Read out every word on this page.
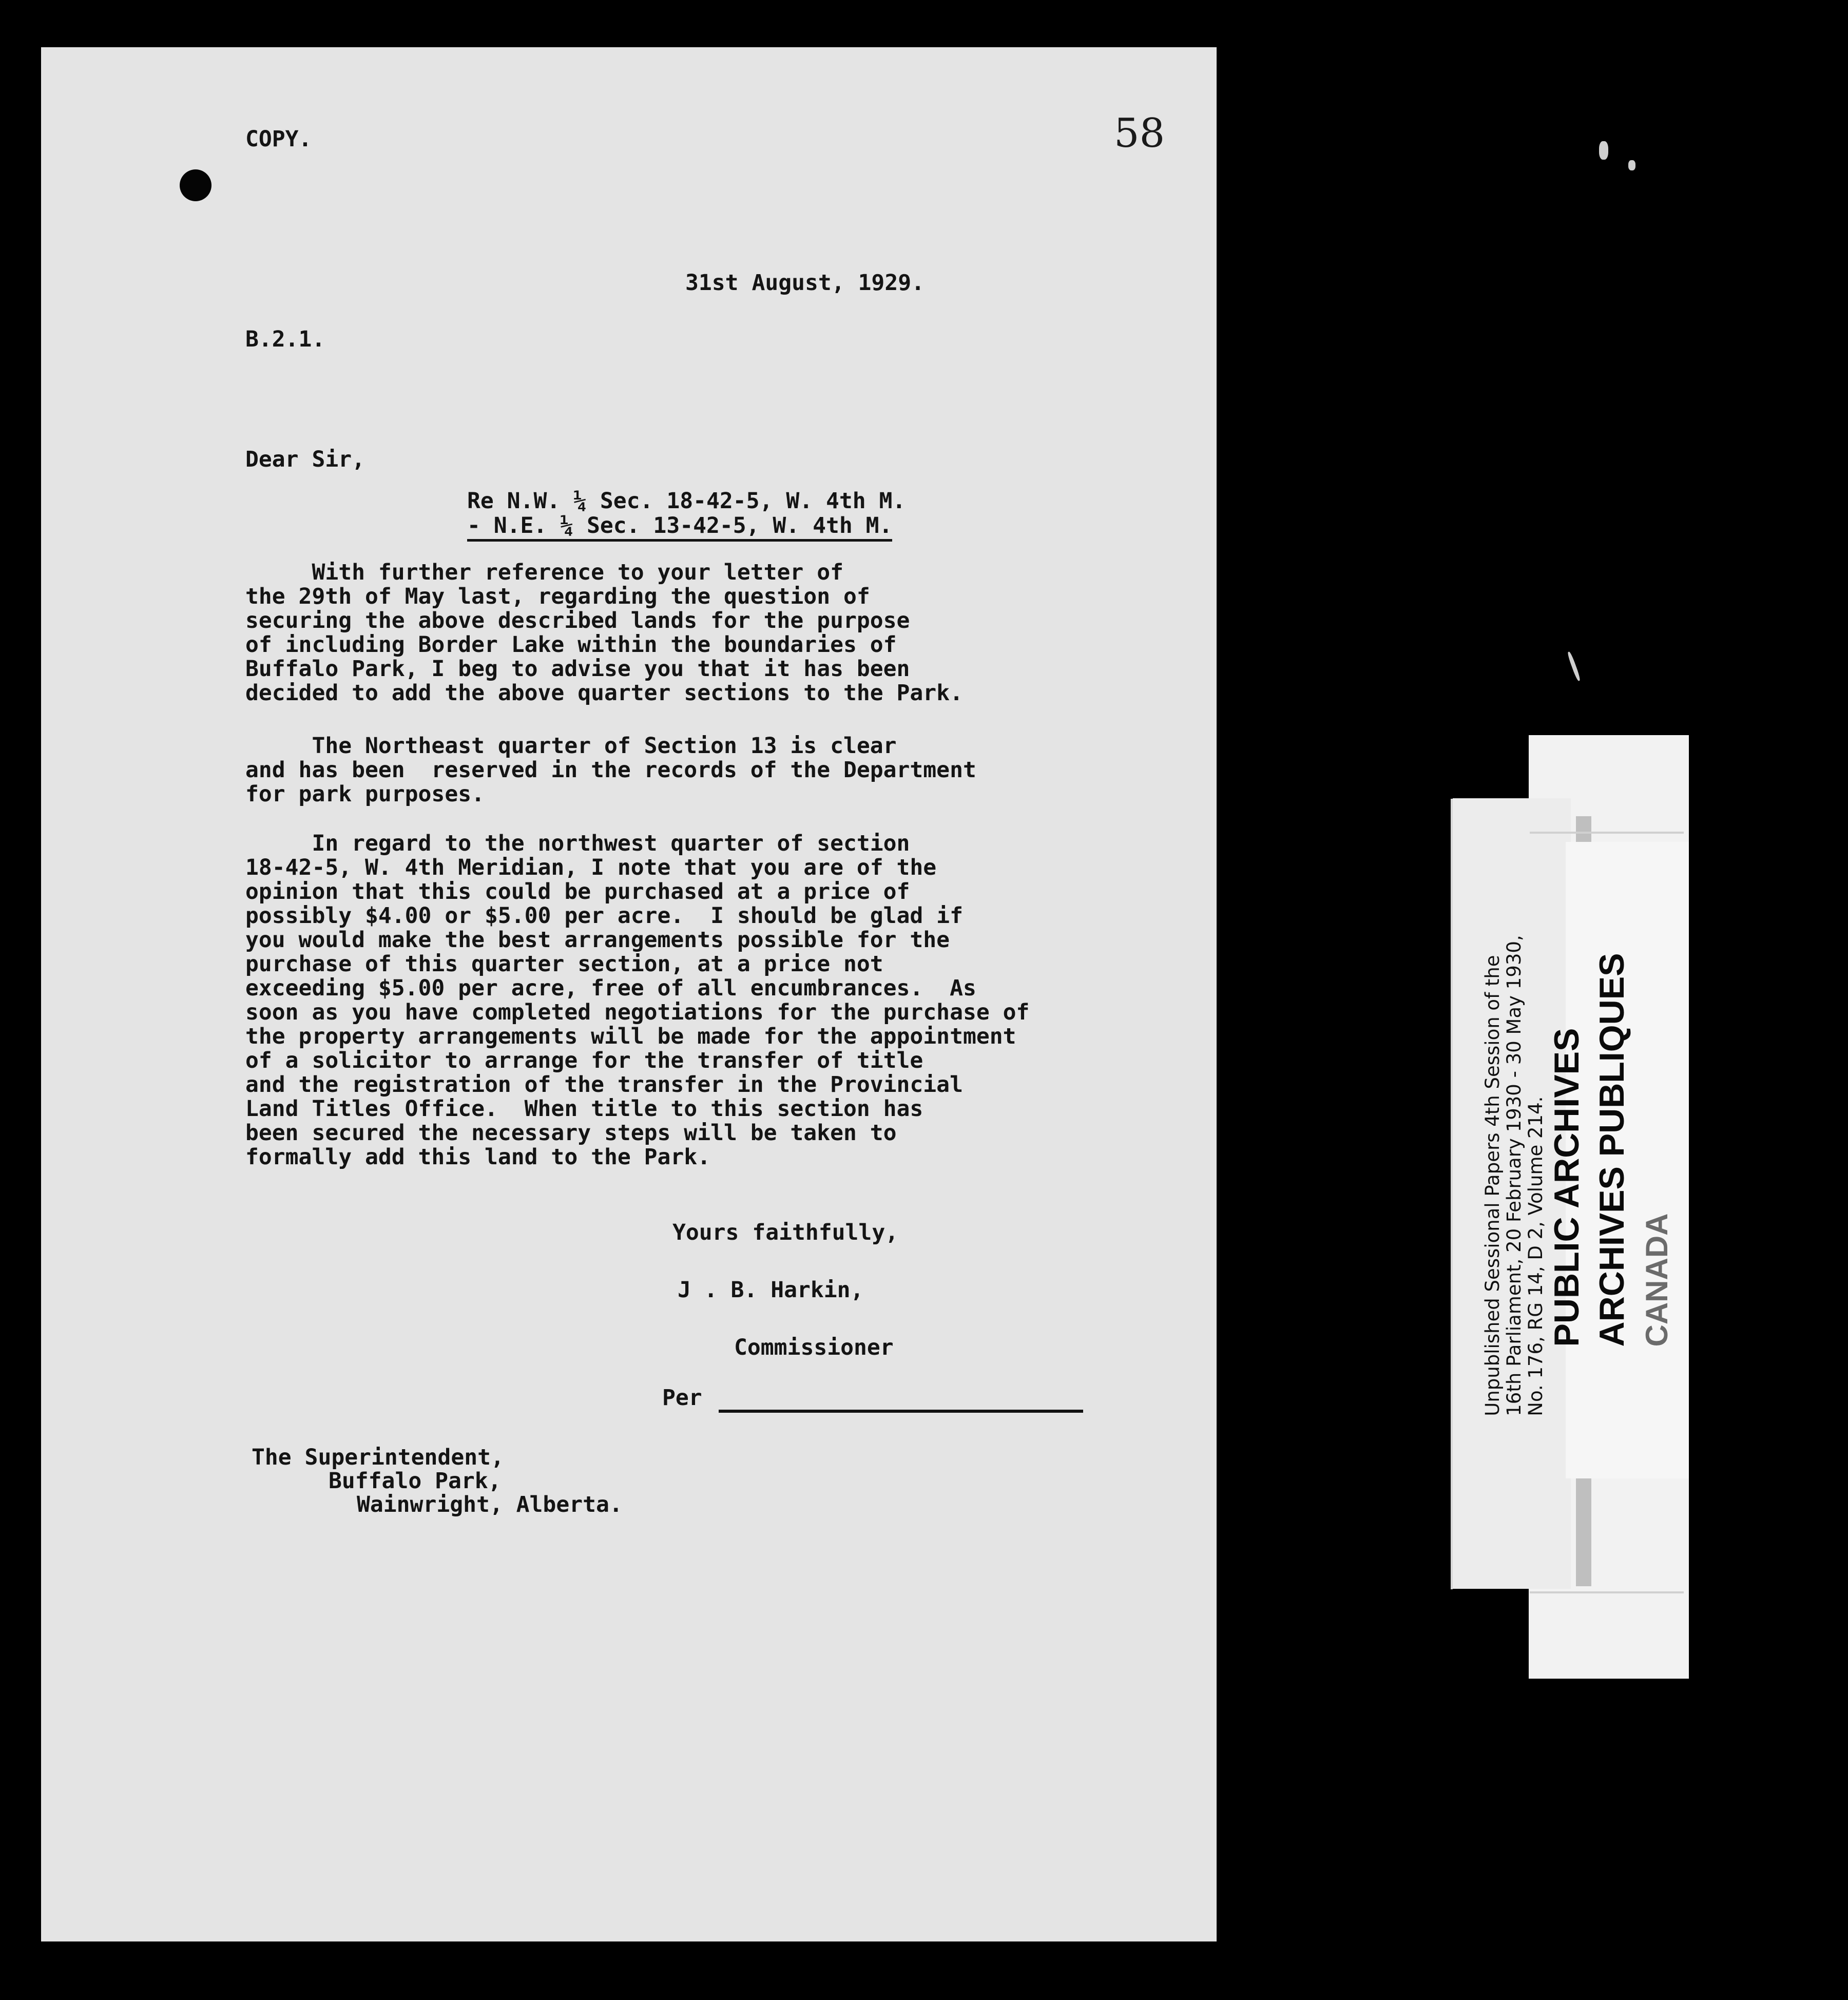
COPY.	58
31st August, 1929.
B.2.1.
Dear Sir,
Re N.W. ¼ Sec. 18-42-5, W. 4th M.
- N.E. ¼ Sec. 13-42-5, W. 4th M.
With further reference to your letter of
the 29th of May last, regarding the question of
securing the above described lands for the purpose
of including Border Lake within the boundaries of
Buffalo Park, I beg to advise you that it has been
decided to add the above quarter sections to the Park.
The Northeast quarter of Section 13 is clear
and has been  reserved in the records of the Department
for park purposes.
In regard to the northwest quarter of section
18-42-5, W. 4th Meridian, I note that you are of the
opinion that this could be purchased at a price of
possibly $4.00 or $5.00 per acre.  I should be glad if
you would make the best arrangements possible for the
purchase of this quarter section, at a price not
exceeding $5.00 per acre, free of all encumbrances.  As
soon as you have completed negotiations for the purchase of
the property arrangements will be made for the appointment
of a solicitor to arrange for the transfer of title
and the registration of the transfer in the Provincial
Land Titles Office.  When title to this section has
been secured the necessary steps will be taken to
formally add this land to the Park.
Yours faithfully,
J . B. Harkin,
Commissioner
Per
The Superintendent,
Buffalo Park,
Wainwright, Alberta.
Unpublished Sessional Papers 4th Session of the 16th Parliament, 20 February 1930 - 30 May 1930, No. 176, RG 14, D 2, Volume 214. PUBLIC ARCHIVES ARCHIVES PUBLIQUES CANADA
